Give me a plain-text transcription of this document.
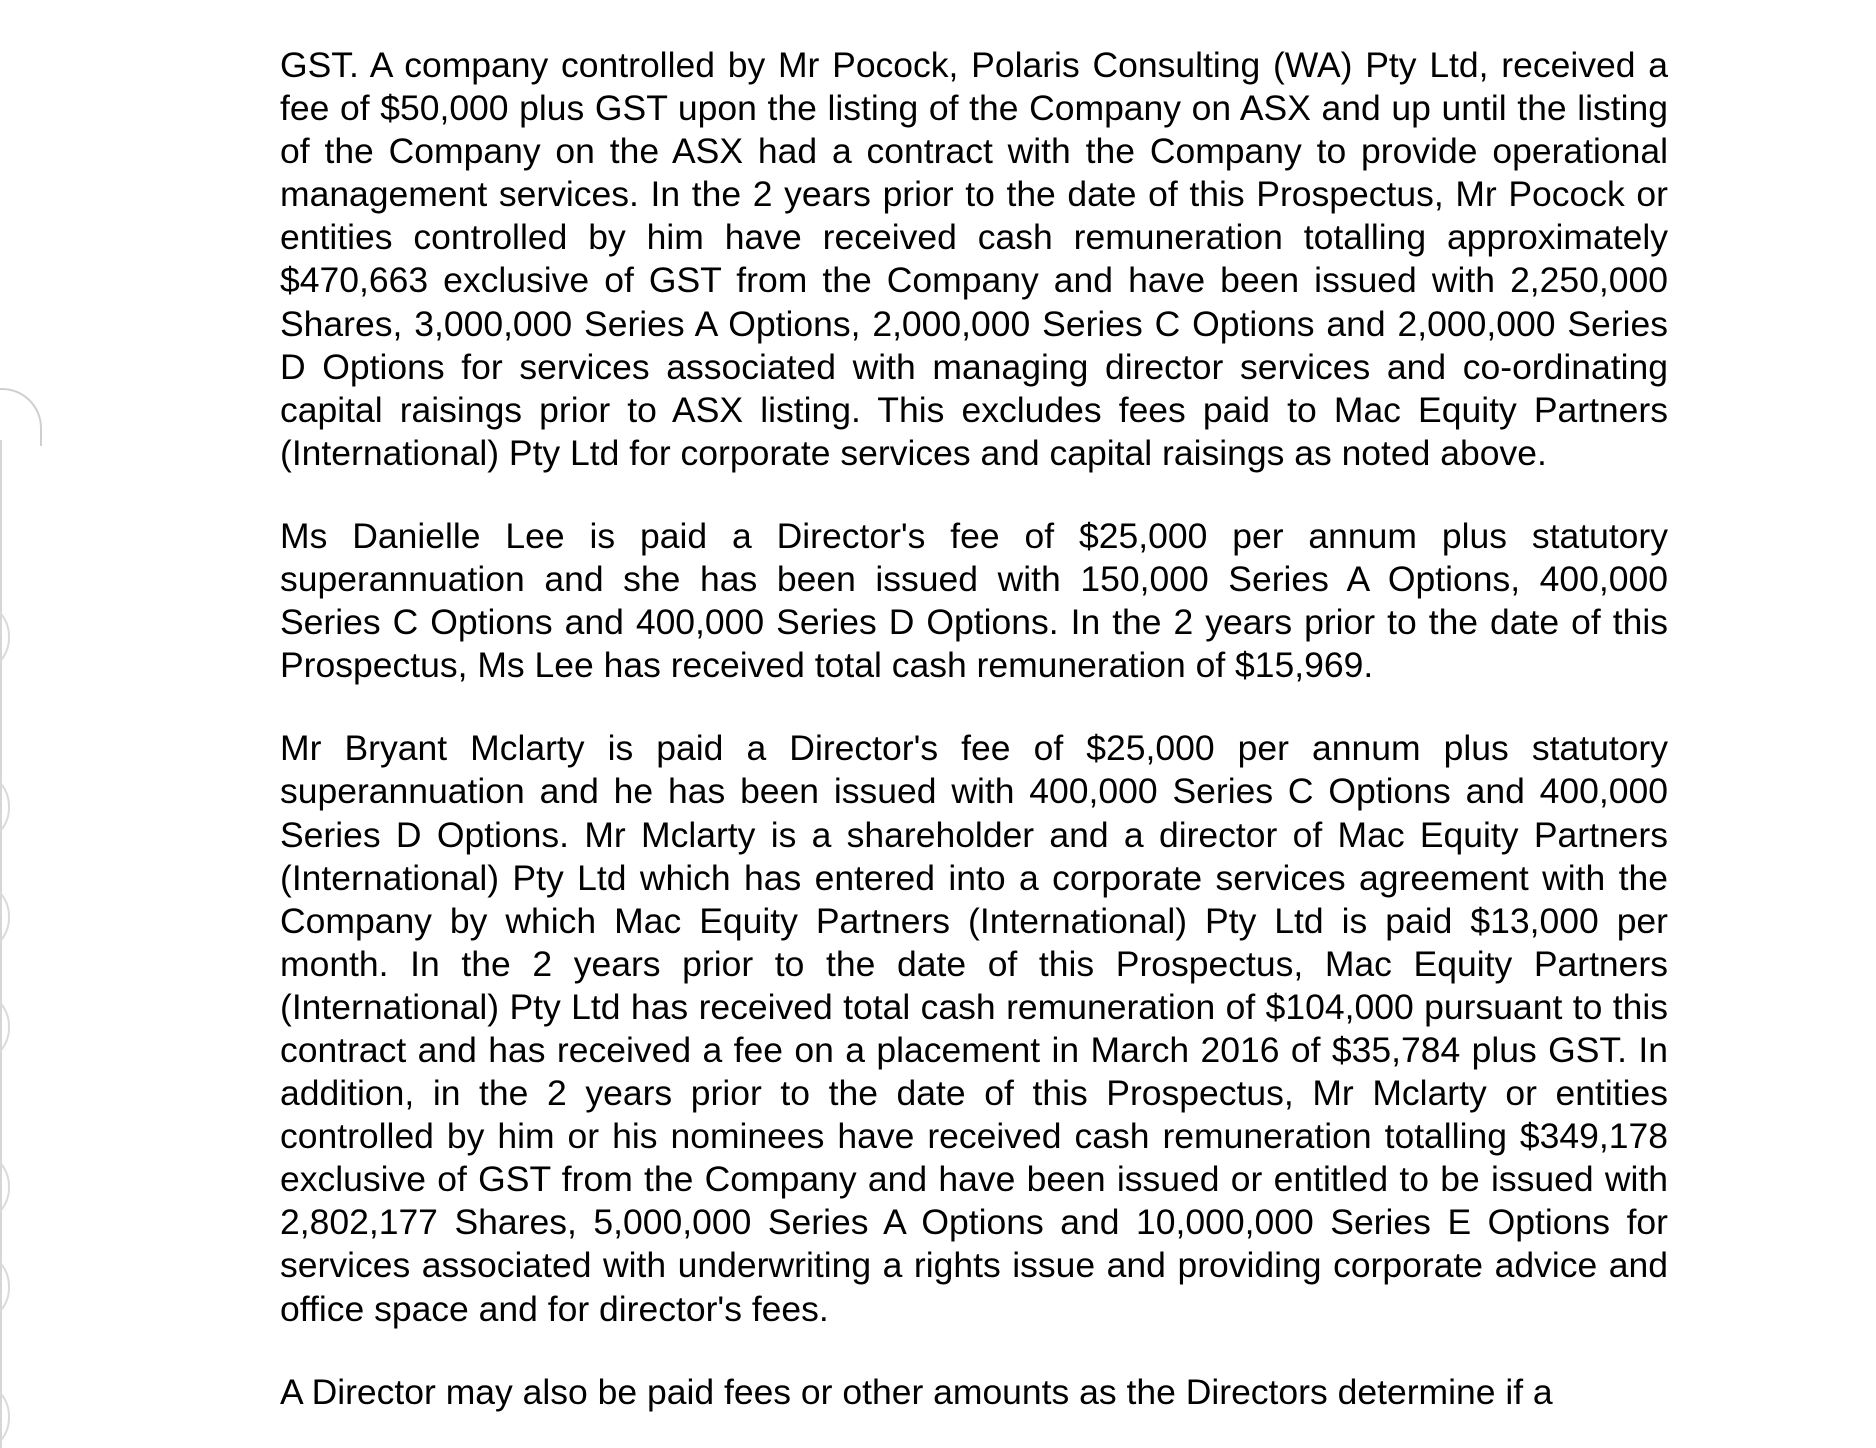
GST. A company controlled by Mr Pocock, Polaris Consulting (WA) Pty Ltd, received a fee of $50,000 plus GST upon the listing of the Company on ASX and up until the listing of the Company on the ASX had a contract with the Company to provide operational management services. In the 2 years prior to the date of this Prospectus, Mr Pocock or entities controlled by him have received cash remuneration totalling approximately $470,663 exclusive of GST from the Company and have been issued with 2,250,000 Shares, 3,000,000 Series A Options, 2,000,000 Series C Options and 2,000,000 Series D Options for services associated with managing director services and co-ordinating capital raisings prior to ASX listing. This excludes fees paid to Mac Equity Partners (International) Pty Ltd for corporate services and capital raisings as noted above.

Ms Danielle Lee is paid a Director's fee of $25,000 per annum plus statutory superannuation and she has been issued with 150,000 Series A Options, 400,000 Series C Options and 400,000 Series D Options. In the 2 years prior to the date of this Prospectus, Ms Lee has received total cash remuneration of $15,969.

Mr Bryant Mclarty is paid a Director's fee of $25,000 per annum plus statutory superannuation and he has been issued with 400,000 Series C Options and 400,000 Series D Options. Mr Mclarty is a shareholder and a director of Mac Equity Partners (International) Pty Ltd which has entered into a corporate services agreement with the Company by which Mac Equity Partners (International) Pty Ltd is paid $13,000 per month. In the 2 years prior to the date of this Prospectus, Mac Equity Partners (International) Pty Ltd has received total cash remuneration of $104,000 pursuant to this contract and has received a fee on a placement in March 2016 of $35,784 plus GST. In addition, in the 2 years prior to the date of this Prospectus, Mr Mclarty or entities controlled by him or his nominees have received cash remuneration totalling $349,178 exclusive of GST from the Company and have been issued or entitled to be issued with 2,802,177 Shares, 5,000,000 Series A Options and 10,000,000 Series E Options for services associated with underwriting a rights issue and providing corporate advice and office space and for director's fees.

A Director may also be paid fees or other amounts as the Directors determine if a
